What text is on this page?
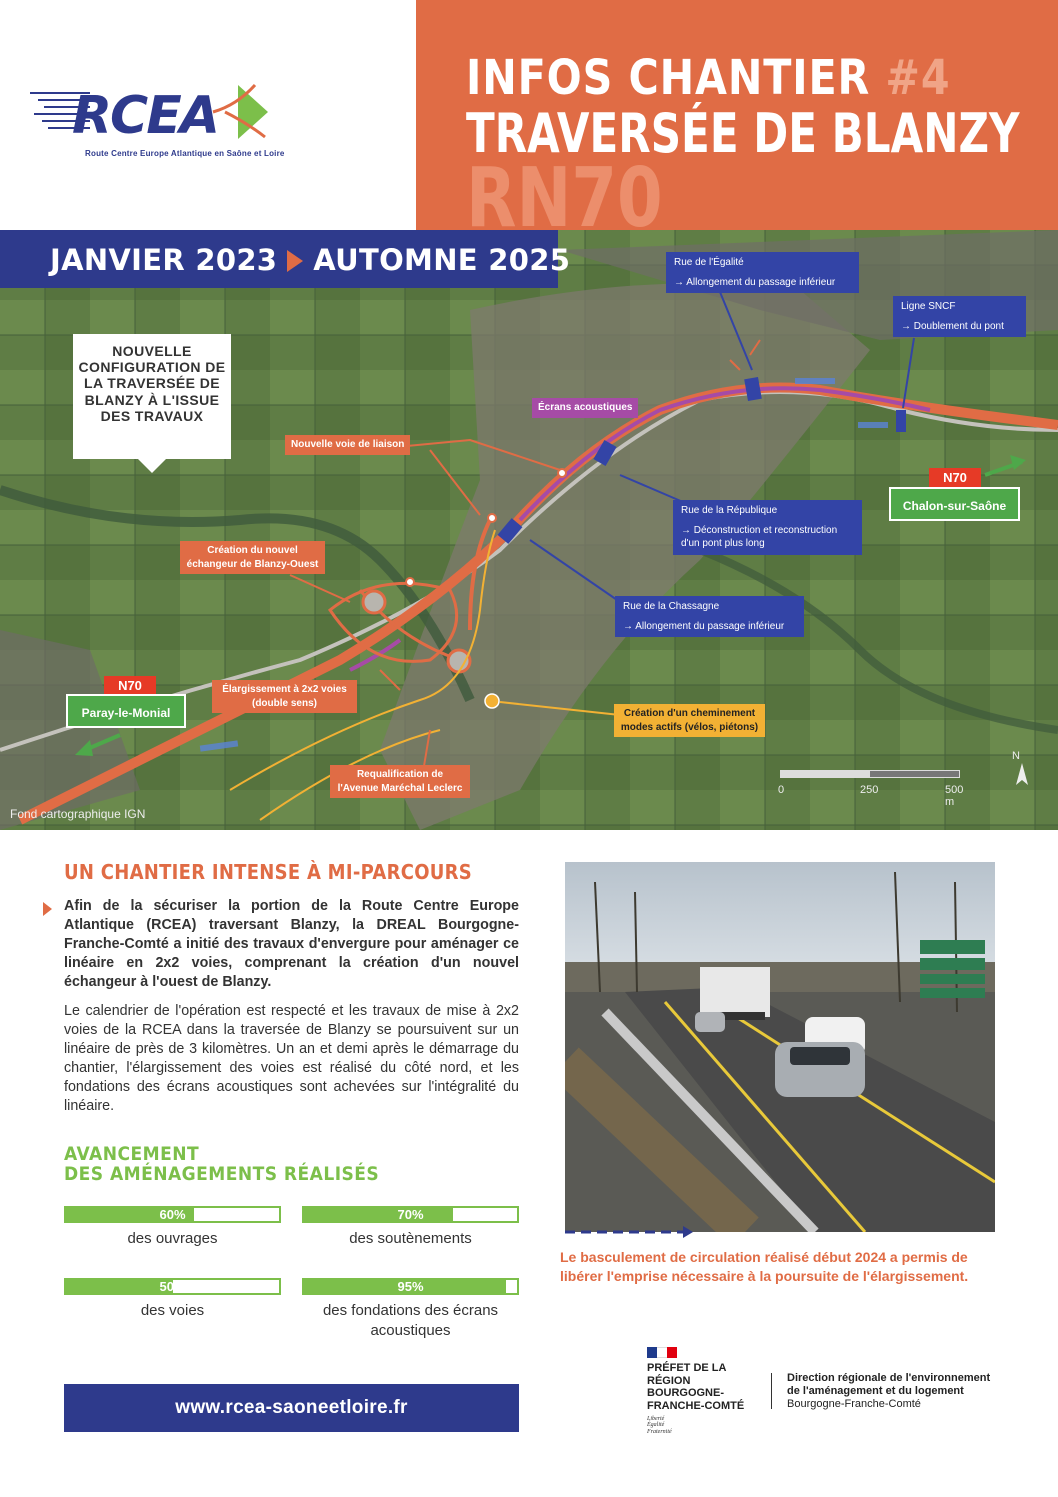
RCEA
Route Centre Europe Atlantique en Saône et Loire
INFOS CHANTIER #4
TRAVERSÉE DE BLANZY
RN70
JANVIER 2023 AUTOMNE 2025
NOUVELLE CONFIGURATION DE LA TRAVERSÉE DE BLANZY À L'ISSUE DES TRAVAUX
Nouvelle voie de liaison
Création du nouvel échangeur de Blanzy-Ouest
Élargissement à 2x2 voies (double sens)
Requalification de l'Avenue Maréchal Leclerc
Écrans acoustiques
Création d'un cheminement modes actifs (vélos, piétons)
Rue de l'Égalité
→ Allongement du passage inférieur
Ligne SNCF
→ Doublement du pont
Rue de la République
→ Déconstruction et reconstruction d'un pont plus long
Rue de la Chassagne
→ Allongement du passage inférieur
N70
Paray-le-Monial
N70
Chalon-sur-Saône
0	250	500 m
N
Fond cartographique IGN
UN CHANTIER INTENSE À MI-PARCOURS
Afin de la sécuriser la portion de la Route Centre Europe Atlantique (RCEA) traversant Blanzy, la DREAL Bourgogne-Franche-Comté a initié des travaux d'envergure pour aménager ce linéaire en 2x2 voies, comprenant la création d'un nouvel échangeur à l'ouest de Blanzy.
Le calendrier de l'opération est respecté et les travaux de mise à 2x2 voies de la RCEA dans la traversée de Blanzy se poursuivent sur un linéaire de près de 3 kilomètres. Un an et demi après le démarrage du chantier, l'élargissement des voies est réalisé du côté nord, et les fondations des écrans acoustiques sont achevées sur l'intégralité du linéaire.
AVANCEMENT
DES AMÉNAGEMENTS RÉALISÉS
60%
des ouvrages
70%
des soutènements
50%
des voies
95%
des fondations des écrans acoustiques
www.rcea-saoneetloire.fr
Le basculement de circulation réalisé début 2024 a permis de libérer l'emprise nécessaire à la poursuite de l'élargissement.
PRÉFET DE LA RÉGION BOURGOGNE-FRANCHE-COMTÉ
Liberté
Égalité
Fraternité
Direction régionale de l'environnement
de l'aménagement et du logement
Bourgogne-Franche-Comté
